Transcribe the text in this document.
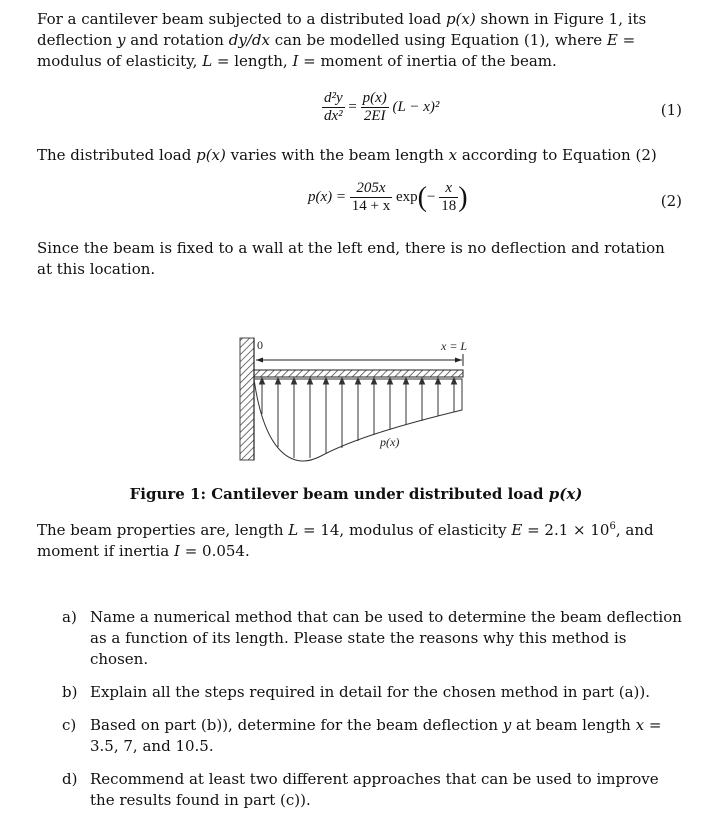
For a cantilever beam subjected to a distributed load p(x) shown in Figure 1, its deflection y and rotation dy/dx can be modelled using Equation (1), where E = modulus of elasticity, L = length, I = moment of inertia of the beam.

$\frac{\text{d²y}}{\text{dx²}} = \frac{p(x)}{2EI} (L - x)^2$	(1)

The distributed load p(x) varies with the beam length x according to Equation (2)

$p(x) = \frac{205x}{14 + x} \exp(- \frac{x}{18}$ )	(2)

Since the beam is fixed to a wall at the left end, there is no deflection and rotation at this location.

0	x = L
p(x)
Figure 1: Cantilever beam under distributed load p(x)

The beam properties are, length L = 14, modulus of elasticity $E = 2.1 \times 10^6$, and moment if inertia I = 0.054.

a) Name a numerical method that can be used to determine the beam deflection as a function of its length. Please state the reasons why this method is chosen.

b) Explain all the steps required in detail for the chosen method in part (a)).

c) Based on part (b)), determine for the beam deflection y at beam length x = 3.5, 7, and 10.5.

d) Recommend at least two different approaches that can be used to improve the results found in part (c)).
